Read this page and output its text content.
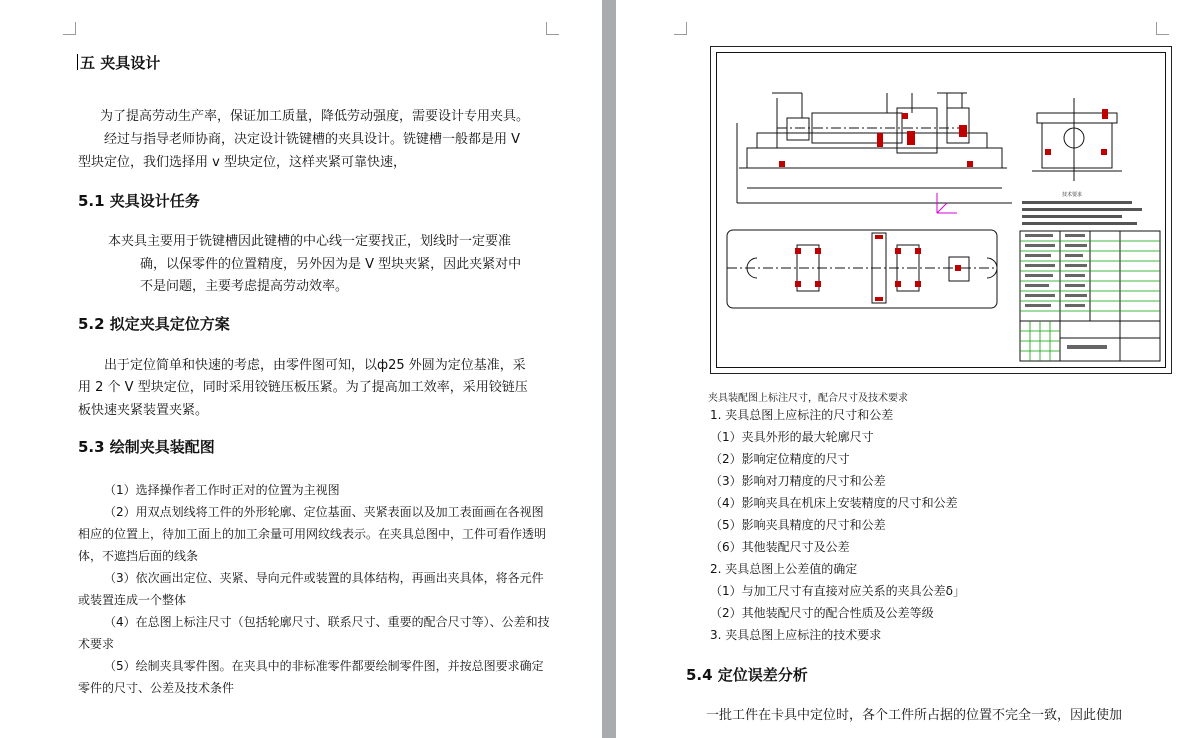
五 夹具设计
为了提高劳动生产率，保证加工质量，降低劳动强度，需要设计专用夹具。
经过与指导老师协商，决定设计铣键槽的夹具设计。铣键槽一般都是用 V
型块定位，我们选择用 v 型块定位，这样夹紧可靠快速，
5.1 夹具设计任务
本夹具主要用于铣键槽因此键槽的中心线一定要找正，划线时一定要准
确，以保零件的位置精度，另外因为是 V 型块夹紧，因此夹紧对中
不是问题，主要考虑提高劳动效率。
5.2 拟定夹具定位方案
出于定位简单和快速的考虑，由零件图可知，以ф25 外圆为定位基准，采
用 2 个 V 型块定位，同时采用铰链压板压紧。为了提高加工效率，采用铰链压
板快速夹紧装置夹紧。
5.3 绘制夹具装配图
（1）选择操作者工作时正对的位置为主视图
（2）用双点划线将工件的外形轮廓、定位基面、夹紧表面以及加工表面画在各视图
相应的位置上，待加工面上的加工余量可用网纹线表示。在夹具总图中，工件可看作透明
体，不遮挡后面的线条
（3）依次画出定位、夹紧、导向元件或装置的具体结构，再画出夹具体，将各元件
或装置连成一个整体
（4）在总图上标注尺寸（包括轮廓尺寸、联系尺寸、重要的配合尺寸等）、公差和技
术要求
（5）绘制夹具零件图。在夹具中的非标准零件都要绘制零件图，并按总图要求确定
零件的尺寸、公差及技术条件
技术要求
夹具装配图上标注尺寸，配合尺寸及技术要求
1. 夹具总图上应标注的尺寸和公差
（1）夹具外形的最大轮廓尺寸
（2）影响定位精度的尺寸
（3）影响对刀精度的尺寸和公差
（4）影响夹具在机床上安装精度的尺寸和公差
（5）影响夹具精度的尺寸和公差
（6）其他装配尺寸及公差
2. 夹具总图上公差值的确定
（1）与加工尺寸有直接对应关系的夹具公差δ」
（2）其他装配尺寸的配合性质及公差等级
3. 夹具总图上应标注的技术要求
5.4 定位误差分析
一批工件在卡具中定位时，各个工件所占据的位置不完全一致，因此使加
